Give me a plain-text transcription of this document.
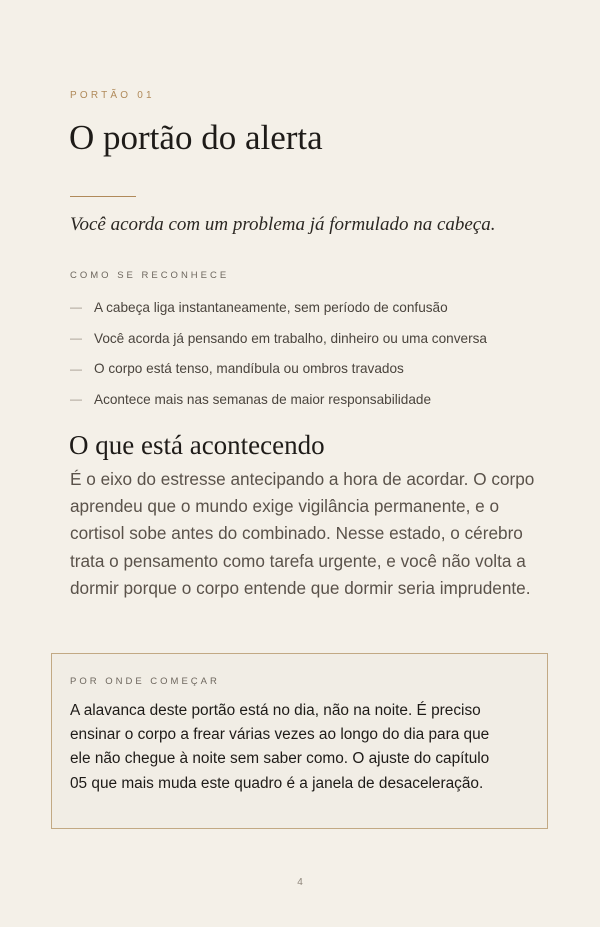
PORTÃO 01
O portão do alerta

Você acorda com um problema já formulado na cabeça.

COMO SE RECONHECE
— A cabeça liga instantaneamente, sem período de confusão
— Você acorda já pensando em trabalho, dinheiro ou uma conversa
— O corpo está tenso, mandíbula ou ombros travados
— Acontece mais nas semanas de maior responsabilidade
O que está acontecendo

É o eixo do estresse antecipando a hora de acordar. O corpo aprendeu que o mundo exige vigilância permanente, e o cortisol sobe antes do combinado. Nesse estado, o cérebro trata o pensamento como tarefa urgente, e você não volta a dormir porque o corpo entende que dormir seria imprudente.

POR ONDE COMEÇAR

A alavanca deste portão está no dia, não na noite. É preciso ensinar o corpo a frear várias vezes ao longo do dia para que ele não chegue à noite sem saber como. O ajuste do capítulo 05 que mais muda este quadro é a janela de desaceleração.

4
